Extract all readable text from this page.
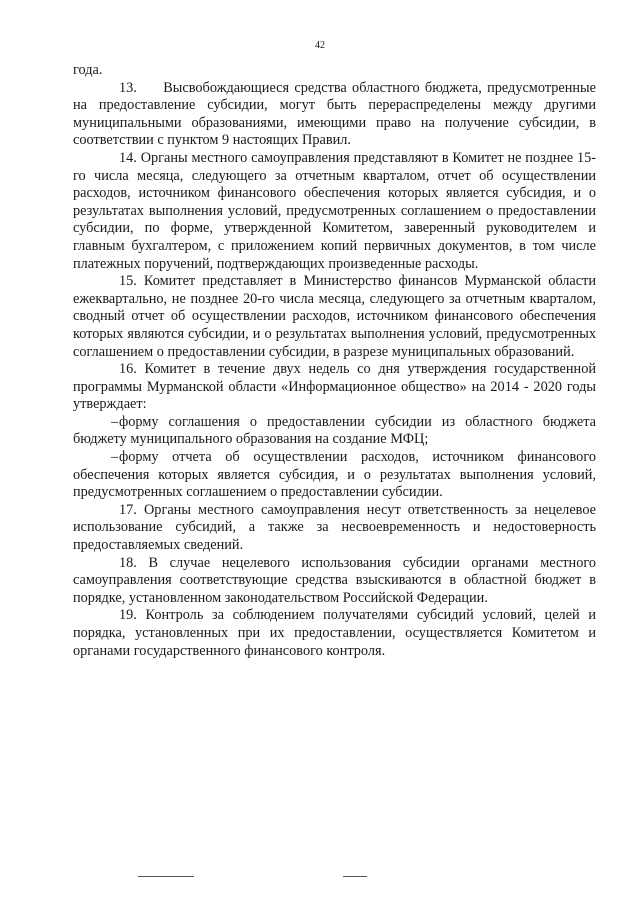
42

года.

13.     Высвобождающиеся средства областного бюджета, предусмотренные на предоставление субсидии, могут быть перераспределены между другими муниципальными образованиями, имеющими право на получение субсидии, в соответствии с пунктом 9 настоящих Правил.

14. Органы местного самоуправления представляют в Комитет не позднее 15-го числа месяца, следующего за отчетным кварталом, отчет об осуществлении расходов, источником финансового обеспечения которых является субсидия, и о результатах выполнения условий, предусмотренных соглашением о предоставлении субсидии, по форме, утвержденной Комитетом, заверенный руководителем и главным бухгалтером, с приложением копий первичных документов, в том числе платежных поручений, подтверждающих произведенные расходы.

15. Комитет представляет в Министерство финансов Мурманской области ежеквартально, не позднее 20-го числа месяца, следующего за отчетным кварталом, сводный отчет об осуществлении расходов, источником финансового обеспечения которых являются субсидии, и о результатах выполнения условий, предусмотренных соглашением о предоставлении субсидии, в разрезе муниципальных образований.

16. Комитет в течение двух недель со дня утверждения государственной программы Мурманской области «Информационное общество» на 2014 - 2020 годы утверждает:

–форму соглашения о предоставлении субсидии из областного бюджета бюджету муниципального образования на создание МФЦ;

–форму отчета об осуществлении расходов, источником финансового обеспечения которых является субсидия, и о результатах выполнения условий, предусмотренных соглашением о предоставлении субсидии.

17. Органы местного самоуправления несут ответственность за нецелевое использование субсидий, а также за несвоевременность и недостоверность предоставляемых сведений.

18. В случае нецелевого использования субсидии органами местного самоуправления соответствующие средства взыскиваются в областной бюджет в порядке, установленном законодательством Российской Федерации.

19. Контроль за соблюдением получателями субсидий условий, целей и порядка, установленных при их предоставлении, осуществляется Комитетом и органами государственного финансового контроля.
